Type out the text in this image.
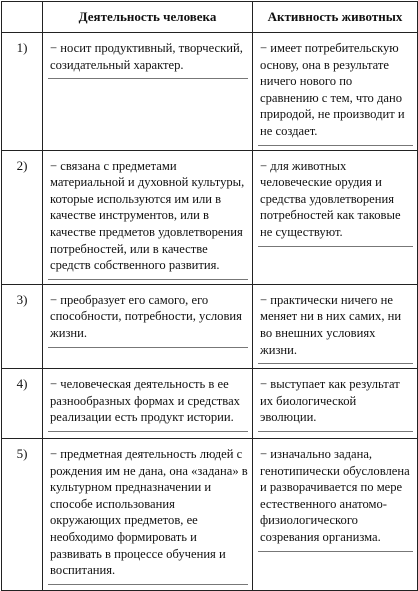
	Деятельность человека	Активность животных
1)	− носит продуктивный, творческий, созидательный характер.	− имеет потребительскую основу, она в результате ничего нового по сравнению с тем, что дано природой, не производит и не создает.

2)	− связана с предметами материальной и духовной культуры, которые используются им или в качестве инструментов, или в качестве предметов удовлетворения потребностей, или в качестве средств собственного развития.	− для животных человеческие орудия и средства удовлетворения потребностей как таковые не существуют.

3)	− преобразует его самого, его способности, потребности, условия жизни.	− практически ничего не меняет ни в них самих, ни во внешних условиях жизни.

4)	− человеческая деятельность в ее разнообразных формах и средствах реализации есть продукт истории.	− выступает как результат их биологической эволюции.

5)	− предметная деятельность людей с рождения им не дана, она «задана» в культурном предназначении и способе использования окружающих предметов, ее необходимо формировать и развивать в процессе обучения и воспитания.	− изначально задана, генотипически обусловлена и разворачивается по мере естественного анатомо-физиологического созревания организма.
